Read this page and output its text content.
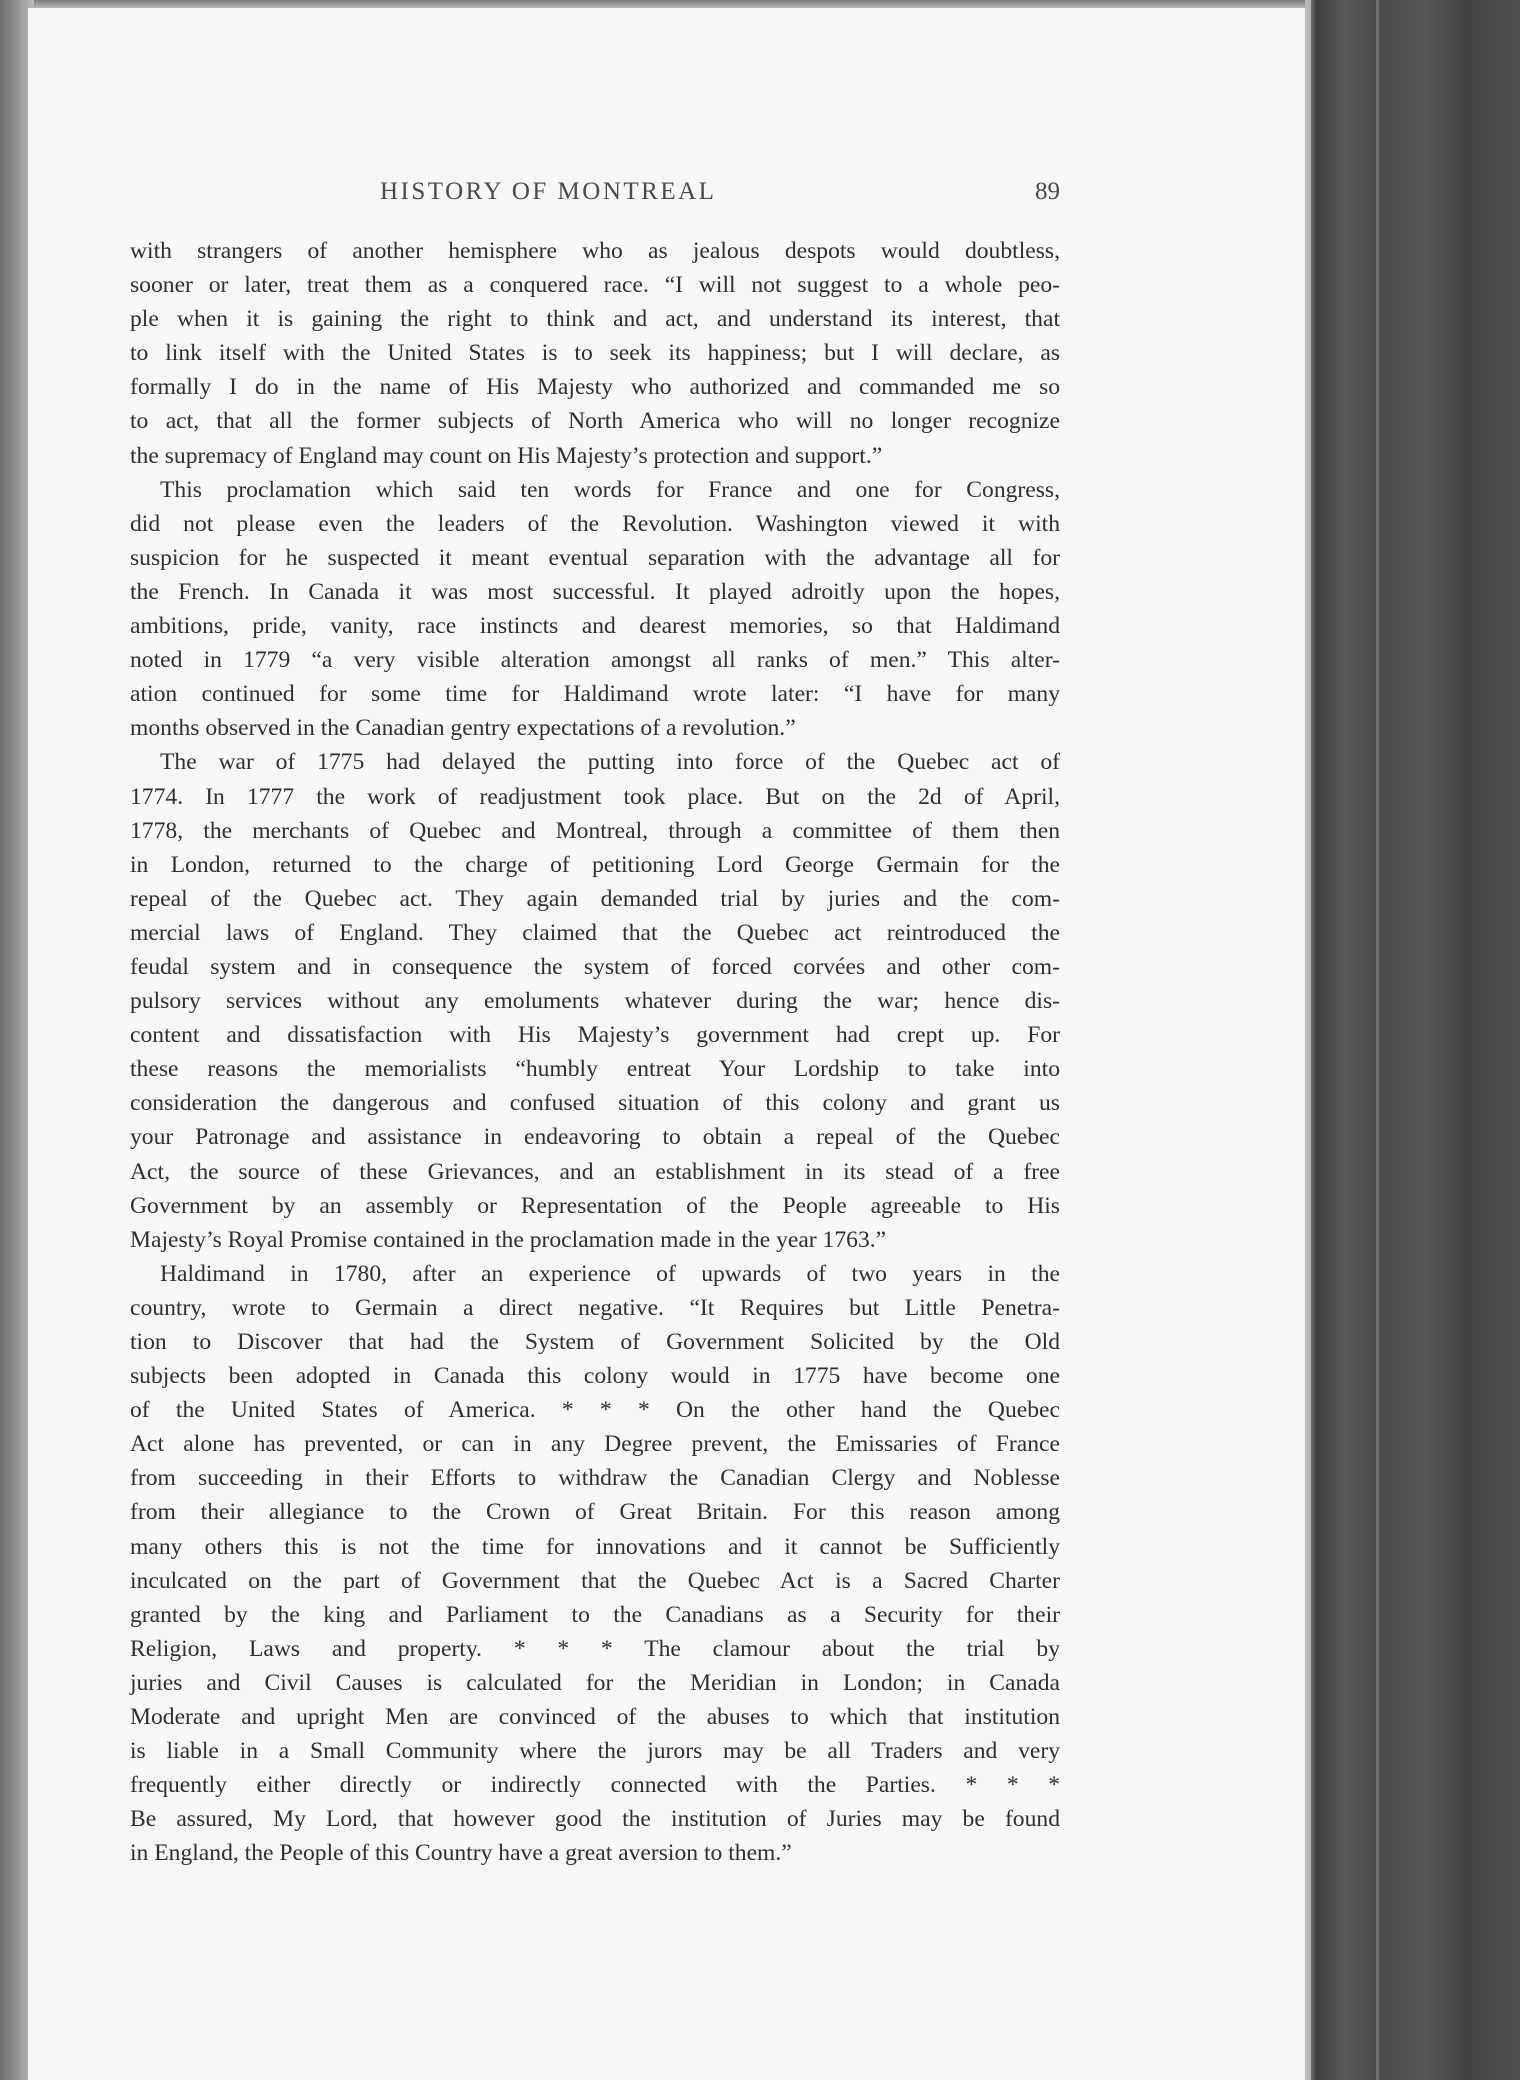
HISTORY OF MONTREAL	89
with strangers of another hemisphere who as jealous despots would doubtless,
sooner or later, treat them as a conquered race. “I will not suggest to a whole peo-
ple when it is gaining the right to think and act, and understand its interest, that
to link itself with the United States is to seek its happiness; but I will declare, as
formally I do in the name of His Majesty who authorized and commanded me so
to act, that all the former subjects of North America who will no longer recognize
the supremacy of England may count on His Majesty’s protection and support.”
This proclamation which said ten words for France and one for Congress,
did not please even the leaders of the Revolution. Washington viewed it with
suspicion for he suspected it meant eventual separation with the advantage all for
the French. In Canada it was most successful. It played adroitly upon the hopes,
ambitions, pride, vanity, race instincts and dearest memories, so that Haldimand
noted in 1779 “a very visible alteration amongst all ranks of men.” This alter-
ation continued for some time for Haldimand wrote later: “I have for many
months observed in the Canadian gentry expectations of a revolution.”
The war of 1775 had delayed the putting into force of the Quebec act of
1774. In 1777 the work of readjustment took place. But on the 2d of April,
1778, the merchants of Quebec and Montreal, through a committee of them then
in London, returned to the charge of petitioning Lord George Germain for the
repeal of the Quebec act. They again demanded trial by juries and the com-
mercial laws of England. They claimed that the Quebec act reintroduced the
feudal system and in consequence the system of forced corvées and other com-
pulsory services without any emoluments whatever during the war; hence dis-
content and dissatisfaction with His Majesty’s government had crept up. For
these reasons the memorialists “humbly entreat Your Lordship to take into
consideration the dangerous and confused situation of this colony and grant us
your Patronage and assistance in endeavoring to obtain a repeal of the Quebec
Act, the source of these Grievances, and an establishment in its stead of a free
Government by an assembly or Representation of the People agreeable to His
Majesty’s Royal Promise contained in the proclamation made in the year 1763.”
Haldimand in 1780, after an experience of upwards of two years in the
country, wrote to Germain a direct negative. “It Requires but Little Penetra-
tion to Discover that had the System of Government Solicited by the Old
subjects been adopted in Canada this colony would in 1775 have become one
of the United States of America. * * * On the other hand the Quebec
Act alone has prevented, or can in any Degree prevent, the Emissaries of France
from succeeding in their Efforts to withdraw the Canadian Clergy and Noblesse
from their allegiance to the Crown of Great Britain. For this reason among
many others this is not the time for innovations and it cannot be Sufficiently
inculcated on the part of Government that the Quebec Act is a Sacred Charter
granted by the king and Parliament to the Canadians as a Security for their
Religion, Laws and property. * * * The clamour about the trial by
juries and Civil Causes is calculated for the Meridian in London; in Canada
Moderate and upright Men are convinced of the abuses to which that institution
is liable in a Small Community where the jurors may be all Traders and very
frequently either directly or indirectly connected with the Parties. * * *
Be assured, My Lord, that however good the institution of Juries may be found
in England, the People of this Country have a great aversion to them.”
